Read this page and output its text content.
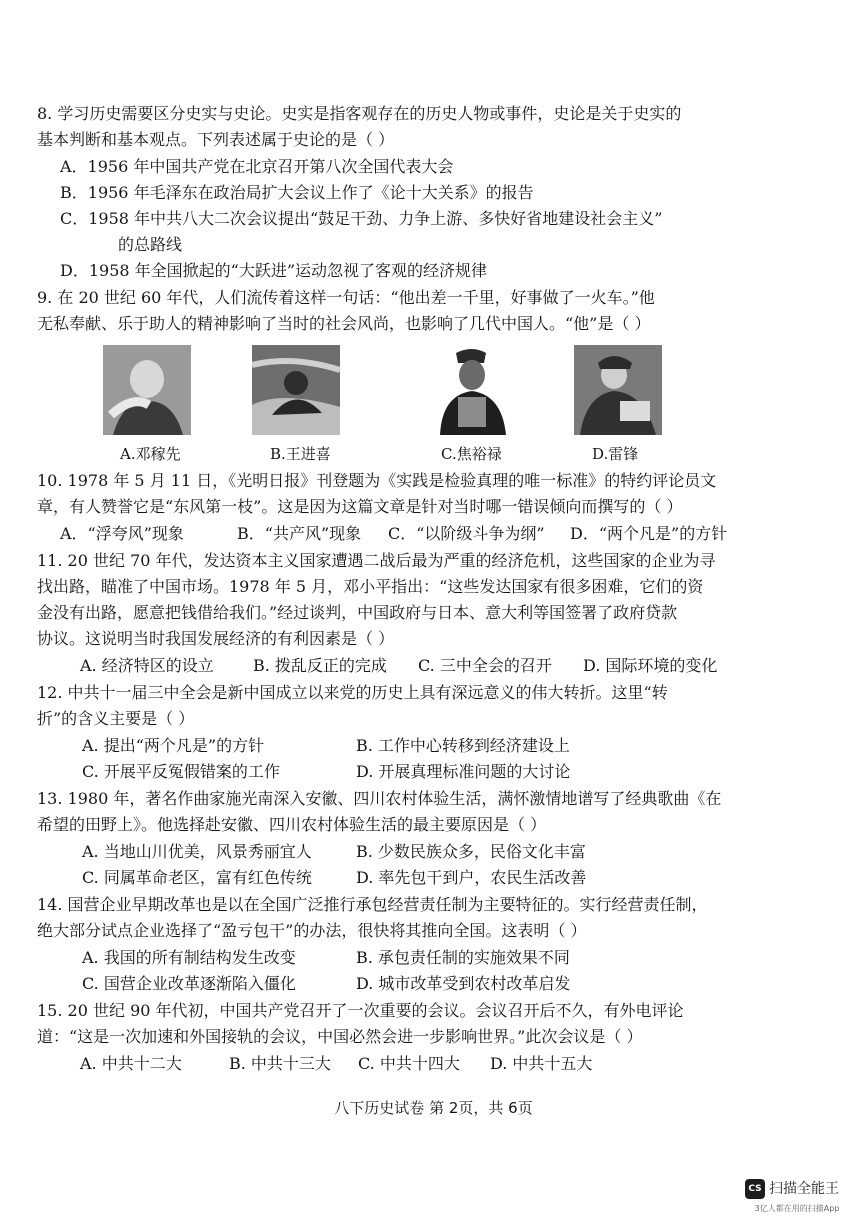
8. 学习历史需要区分史实与史论。史实是指客观存在的历史人物或事件，史论是关于史实的
基本判断和基本观点。下列表述属于史论的是（ ）
A．1956 年中国共产党在北京召开第八次全国代表大会
B．1956 年毛泽东在政治局扩大会议上作了《论十大关系》的报告
C．1958 年中共八大二次会议提出“鼓足干劲、力争上游、多快好省地建设社会主义”
的总路线
D．1958 年全国掀起的“大跃进”运动忽视了客观的经济规律
9. 在 20 世纪 60 年代，人们流传着这样一句话：“他出差一千里，好事做了一火车。”他
无私奉献、乐于助人的精神影响了当时的社会风尚，也影响了几代中国人。“他”是（ ）
A.邓稼先	B.王进喜	C.焦裕禄	D.雷锋
10. 1978 年 5 月 11 日，《光明日报》刊登题为《实践是检验真理的唯一标准》的特约评论员文
章，有人赞誉它是“东风第一枝”。这是因为这篇文章是针对当时哪一错误倾向而撰写的（ ）
A．“浮夸风”现象	B．“共产风”现象 C．“以阶级斗争为纲” D．“两个凡是”的方针
11. 20 世纪 70 年代，发达资本主义国家遭遇二战后最为严重的经济危机，这些国家的企业为寻
找出路，瞄准了中国市场。1978 年 5 月，邓小平指出：“这些发达国家有很多困难，它们的资
金没有出路，愿意把钱借给我们。”经过谈判，中国政府与日本、意大利等国签署了政府贷款
协议。这说明当时我国发展经济的有利因素是（ ）
A. 经济特区的设立 B. 拨乱反正的完成 C. 三中全会的召开 D. 国际环境的变化
12. 中共十一届三中全会是新中国成立以来党的历史上具有深远意义的伟大转折。这里“转
折”的含义主要是（ ）
A. 提出“两个凡是”的方针	B. 工作中心转移到经济建设上
C. 开展平反冤假错案的工作	D. 开展真理标准问题的大讨论
13. 1980 年，著名作曲家施光南深入安徽、四川农村体验生活，满怀激情地谱写了经典歌曲《在
希望的田野上》。他选择赴安徽、四川农村体验生活的最主要原因是（ ）
A. 当地山川优美，风景秀丽宜人	B. 少数民族众多，民俗文化丰富
C. 同属革命老区，富有红色传统	D. 率先包干到户，农民生活改善
14. 国营企业早期改革也是以在全国广泛推行承包经营责任制为主要特征的。实行经营责任制，
绝大部分试点企业选择了“盈亏包干”的办法，很快将其推向全国。这表明（ ）
A. 我国的所有制结构发生改变	B. 承包责任制的实施效果不同
C. 国营企业改革逐渐陷入僵化	D. 城市改革受到农村改革启发
15. 20 世纪 90 年代初，中国共产党召开了一次重要的会议。会议召开后不久，有外电评论
道：“这是一次加速和外国接轨的会议，中国必然会进一步影响世界。”此次会议是（ ）
A. 中共十二大	B. 中共十三大 C. 中共十四大 D. 中共十五大
八下历史试卷 第 2页，共 6页
CS 扫描全能王
3亿人都在用的扫描App
